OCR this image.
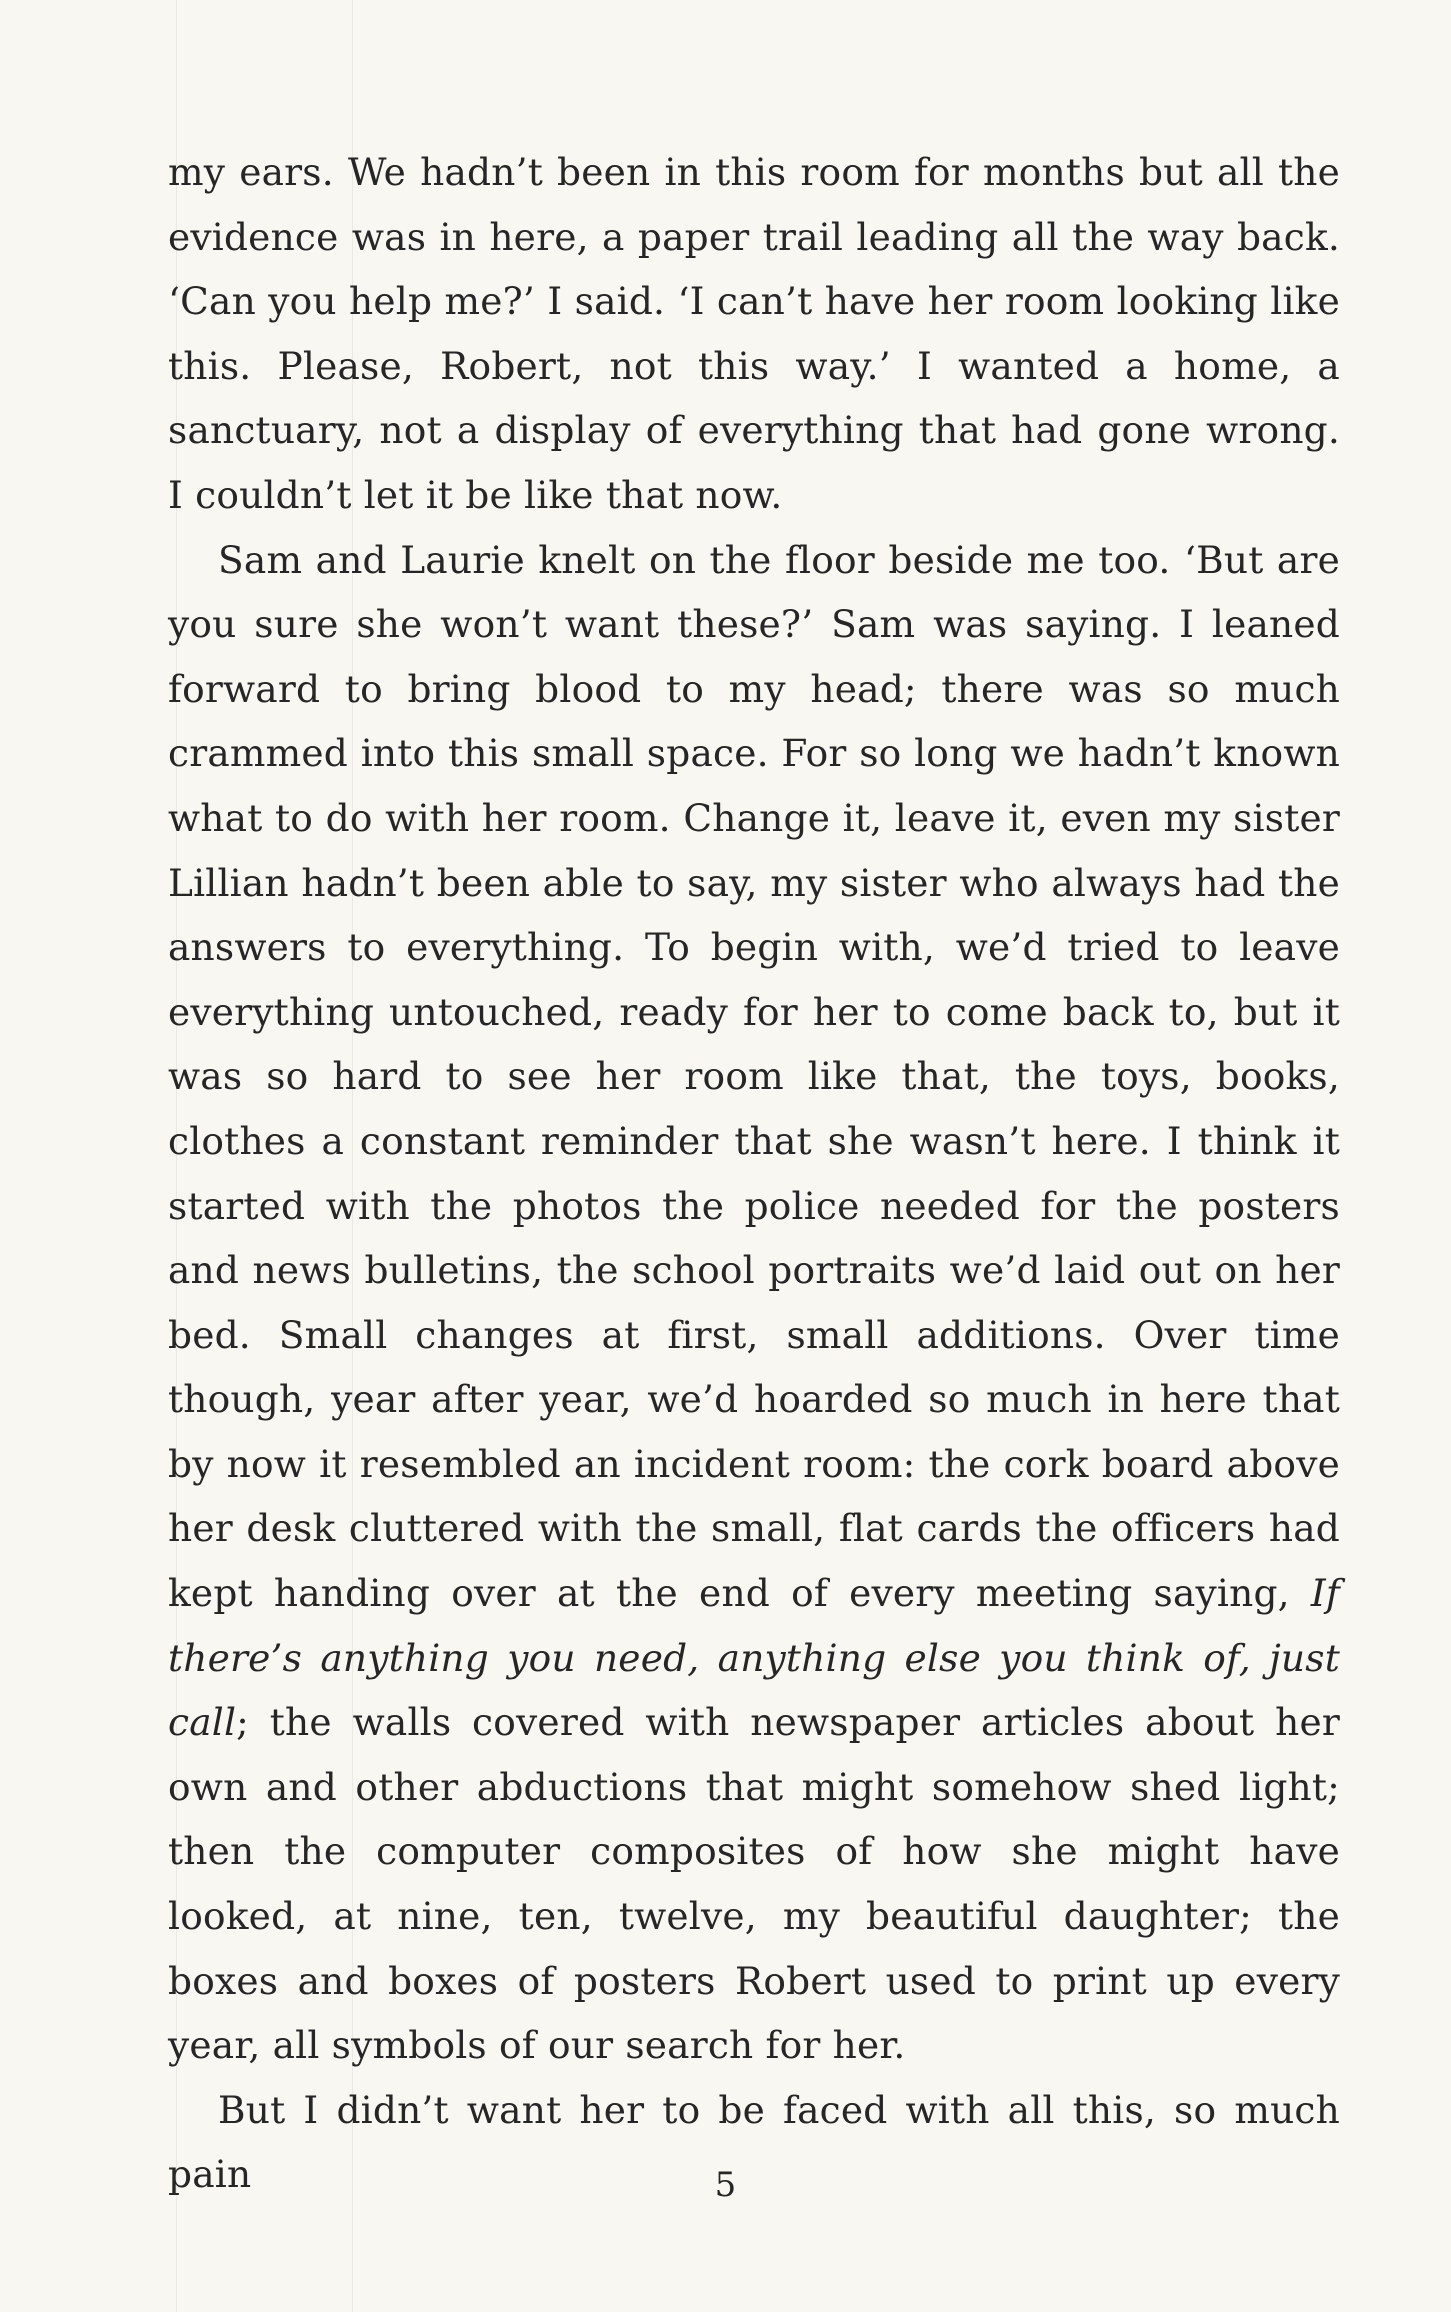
my ears. We hadn’t been in this room for months but all the evidence was in here, a paper trail leading all the way back. ‘Can you help me?’ I said. ‘I can’t have her room looking like this. Please, Robert, not this way.’ I wanted a home, a sanctuary, not a display of everything that had gone wrong. I couldn’t let it be like that now.

Sam and Laurie knelt on the floor beside me too. ‘But are you sure she won’t want these?’ Sam was saying. I leaned forward to bring blood to my head; there was so much crammed into this small space. For so long we hadn’t known what to do with her room. Change it, leave it, even my sister Lillian hadn’t been able to say, my sister who always had the answers to everything. To begin with, we’d tried to leave everything untouched, ready for her to come back to, but it was so hard to see her room like that, the toys, books, clothes a constant reminder that she wasn’t here. I think it started with the photos the police needed for the posters and news bulletins, the school portraits we’d laid out on her bed. Small changes at first, small additions. Over time though, year after year, we’d hoarded so much in here that by now it resembled an incident room: the cork board above her desk cluttered with the small, flat cards the officers had kept handing over at the end of every meeting saying, If there’s anything you need, anything else you think of, just call; the walls covered with newspaper articles about her own and other abductions that might somehow shed light; then the computer composites of how she might have looked, at nine, ten, twelve, my beautiful daughter; the boxes and boxes of posters Robert used to print up every year, all symbols of our search for her.

But I didn’t want her to be faced with all this, so much pain	5
